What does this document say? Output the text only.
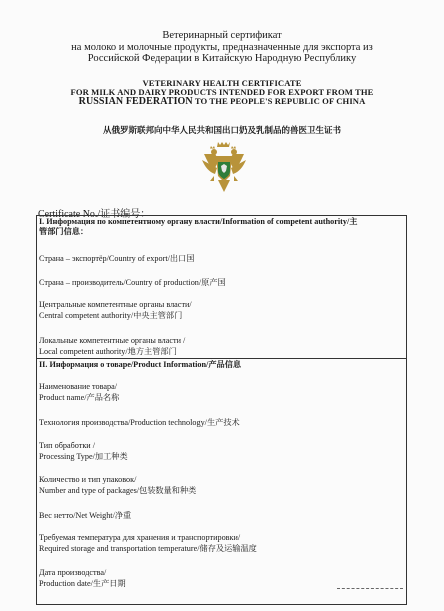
Ветеринарный сертификат
на молоко и молочные продукты, предназначенные для экспорта из
Российской Федерации в Китайскую Народную Республику
VETERINARY HEALTH CERTIFICATE
FOR MILK AND DAIRY PRODUCTS INTENDED FOR EXPORT FROM THE
RUSSIAN FEDERATION TO THE PEOPLE'S REPUBLIC OF CHINA
从俄罗斯联邦向中华人民共和国出口奶及乳制品的兽医卫生证书
Certificate No./证书编号：
I. Информация по компетентному органу власти/Information of competent authority/主
管部门信息：
Страна – экспортёр/Country of export/出口国
Страна – производитель/Country of production/原产国
Центральные компетентные органы власти/
Central competent authority/中央主管部门
Локальные компетентные органы власти /
Local competent authority/地方主管部门
II. Информация о товаре/Product Information/产品信息
Наименование товара/
Product name/产品名称
Технология производства/Production technology/生产技术
Тип обработки /
Processing Type/加工种类
Количество и тип упаковок/
Number and type of packages/包装数量和种类
Вес нетто/Net Weight/净重
Требуемая температура для хранения и транспортировки/
Required storage and transportation temperature/储存及运输温度
Дата производства/
Production date/生产日期
